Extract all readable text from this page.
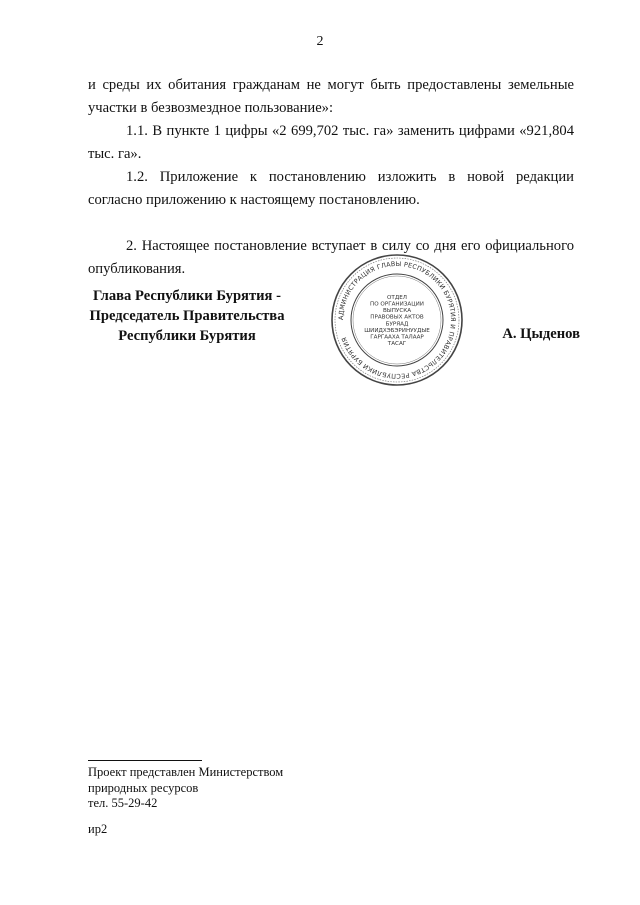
2

и среды их обитания гражданам не могут быть предоставлены земельные участки в безвозмездное пользование»:

1.1. В пункте 1 цифры «2 699,702 тыс. га» заменить цифрами «921,804 тыс. га».

1.2. Приложение к постановлению изложить в новой редакции согласно приложению к настоящему постановлению.

2. Настоящее постановление вступает в силу со дня его официального опубликования.

Глава Республики Бурятия -
Председатель Правительства
Республики Бурятия
АДМИНИСТРАЦИЯ ГЛАВЫ РЕСПУБЛИКИ БУРЯТИЯ И ПРАВИТЕЛЬСТВА РЕСПУБЛИКИ БУРЯТИЯ
ОТДЕЛ
ПО ОРГАНИЗАЦИИ
ВЫПУСКА
ПРАВОВЫХ АКТОВ
БУРЯАД
ШИИДХЭБЭРИНУУДЫЕ
ГАРГААХА ТАЛААР
ТАСАГ
А. Цыденов
Проект представлен Министерством
природных ресурсов
тел. 55-29-42
ир2
